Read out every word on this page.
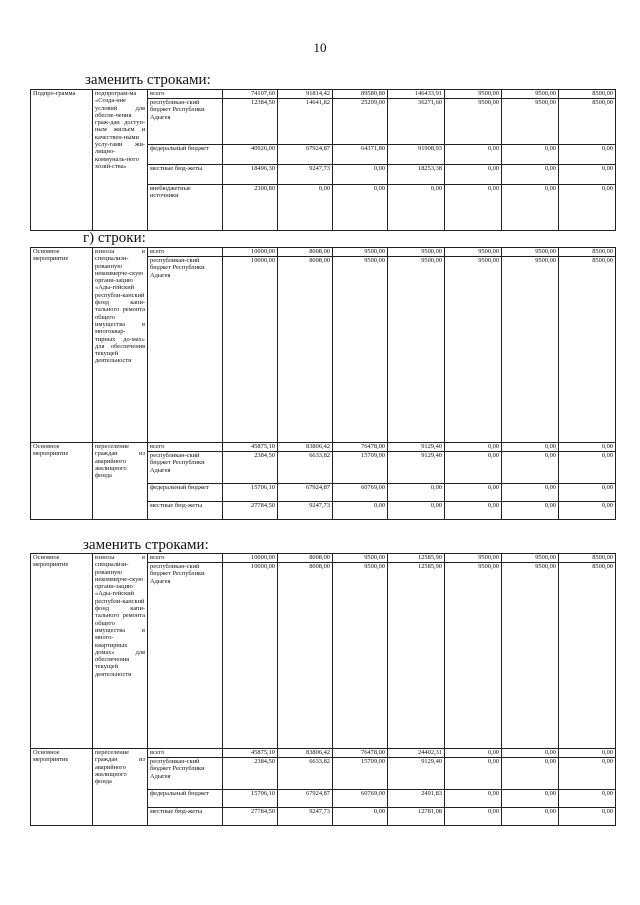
10
заменить строками:
Подпро-грамма	подпрограм-ма «Созда-ние условий для обеспе-чения граж-дан доступ-ным жильем и качествен-ными услу-гами жи-лищно-коммуналь-ного хозяй-ства»	всего	74107,60	91814,42	89580,80	146433,91	9500,00	9500,00	8500,00
		республикан-ский бюджет Республики Адыгея	12384,50	14641,82	25209,00	36271,60	9500,00	9500,00	8500,00
		федеральный бюджет	40926,00	67924,87	64371,80	91908,93	0,00	0,00	0,00
		местные бюд-жеты	18496,30	9247,73	0,00	18253,38	0,00	0,00	0,00
		внебюджетные источники	2300,80	0,00	0,00	0,00	0,00	0,00	0,00
г) строки:
Основное мероприятие	взносы в специализи-рованную некоммерче-скую органи-зацию «Ады-гейский республи-канский фонд капи-тального ремонта общего имущества в многоквар-тирных до-мах» для обеспечения текущей деятельности	всего	10000,00	8008,00	9500,00	9500,00	9500,00	9500,00	8500,00
		республикан-ский бюджет Республики Адыгея	10000,00	8008,00	9500,00	9500,00	9500,00	9500,00	8500,00
Основное мероприятие	переселение граждан из аварийного жилищного фонда	всего	45875,10	83806,42	76478,00	9129,40	0,00	0,00	0,00
		республикан-ский бюджет Республики Адыгея	2384,50	6633,82	15709,00	9129,40	0,00	0,00	0,00
		федеральный бюджет	15706,10	67924,87	60769,00	0,00	0,00	0,00	0,00
		местные бюд-жеты	27784,50	9247,73	0,00	0,00	0,00	0,00	0,00
заменить строками:
Основное мероприятие	взносы в специализи-рованную некоммерче-скую органи-зацию «Ады-гейский республи-канский фонд капи-тального ремонта общего имущества в много-квартирных домах» для обеспечения текущей деятельности	всего	10000,00	8008,00	9500,00	12585,90	9500,00	9500,00	8500,00
		республикан-ский бюджет Республики Адыгея	10000,00	8008,00	9500,00	12585,90	9500,00	9500,00	8500,00
Основное мероприятие	переселение граждан из аварийного жилищного фонда	всего	45875,10	83806,42	76478,00	24402,31	0,00	0,00	0,00
		республикан-ский бюджет Республики Адыгея	2384,50	6633,82	15709,00	9129,40	0,00	0,00	0,00
		федеральный бюджет	15706,10	67924,87	60769,00	2491,83	0,00	0,00	0,00
		местные бюд-жеты	27784,50	9247,73	0,00	12781,08	0,00	0,00	0,00
